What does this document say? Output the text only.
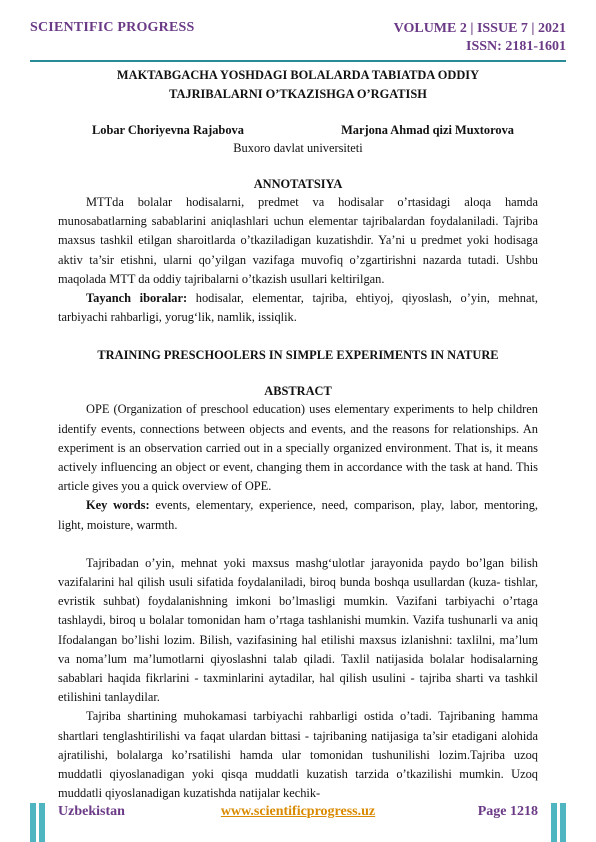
SCIENTIFIC PROGRESS	VOLUME 2 | ISSUE 7 | 2021
ISSN: 2181-1601
MAKTABGACHA YOSHDAGI BOLALARDA TABIATDA ODDIY
TAJRIBALARNI O’TKAZISHGA O’RGATISH
Lobar Choriyevna Rajabova	Marjona Ahmad qizi Muxtorova
Buxoro davlat universiteti
ANNOTATSIYA

MTTda bolalar hodisalarni, predmet va hodisalar o’rtasidagi aloqa hamda munosabatlarning sabablarini aniqlashlari uchun elementar tajribalardan foydalaniladi. Tajriba maxsus tashkil etilgan sharoitlarda o’tkaziladigan kuzatishdir. Ya’ni u predmet yoki hodisaga aktiv ta’sir etishni, ularni qo’yilgan vazifaga muvofiq o’zgartirishni nazarda tutadi. Ushbu maqolada MTT da oddiy tajribalarni o’tkazish usullari keltirilgan.

Tayanch iboralar: hodisalar, elementar, tajriba, ehtiyoj, qiyoslash, o’yin, mehnat, tarbiyachi rahbarligi, yorug‘lik, namlik, issiqlik.

TRAINING PRESCHOOLERS IN SIMPLE EXPERIMENTS IN NATURE
ABSTRACT

OPE (Organization of preschool education) uses elementary experiments to help children identify events, connections between objects and events, and the reasons for relationships. An experiment is an observation carried out in a specially organized environment. That is, it means actively influencing an object or event, changing them in accordance with the task at hand. This article gives you a quick overview of OPE.

Key words: events, elementary, experience, need, comparison, play, labor, mentoring, light, moisture, warmth.

Tajribadan o’yin, mehnat yoki maxsus mashg‘ulotlar jarayonida paydo bo’lgan bilish vazifalarini hal qilish usuli sifatida foydalaniladi, biroq bunda boshqa usullardan (kuza- tishlar, evristik suhbat) foydalanishning imkoni bo’lmasligi mumkin. Vazifani tarbiyachi o’rtaga tashlaydi, biroq u bolalar tomonidan ham o’rtaga tashlanishi mumkin. Vazifa tushunarli va aniq Ifodalangan bo’lishi lozim. Bilish, vazifasining hal etilishi maxsus izlanishni: taxlilni, ma’lum va noma’lum ma’lumotlarni qiyoslashni talab qiladi. Taxlil natijasida bolalar hodisalarning sabablari haqida fikrlarini - taxminlarini aytadilar, hal qilish usulini - tajriba sharti va tashkil etilishini tanlaydilar.

Tajriba shartining muhokamasi tarbiyachi rahbarligi ostida o’tadi. Tajribaning hamma shartlari tenglashtirilishi va faqat ulardan bittasi - tajribaning natijasiga ta’sir etadigani alohida ajratilishi, bolalarga ko’rsatilishi hamda ular tomonidan tushunilishi lozim.Tajriba uzoq muddatli qiyoslanadigan yoki qisqa muddatli kuzatish tarzida o’tkazilishi mumkin. Uzoq muddatli qiyoslanadigan kuzatishda natijalar kechik-

Uzbekistan	www.scientificprogress.uz	Page 1218
